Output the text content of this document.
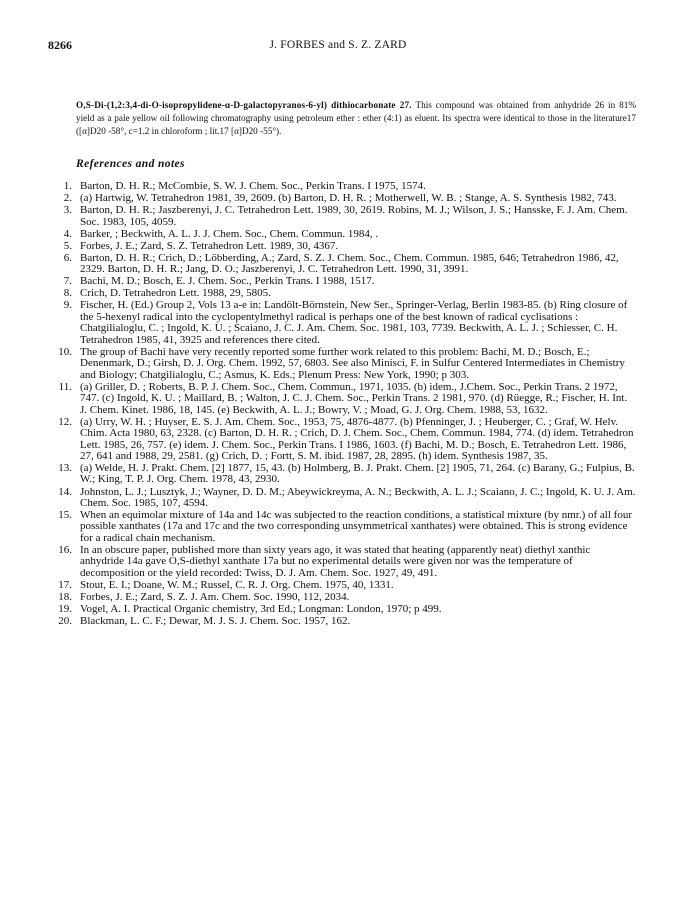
8266	J. FORBES and S. Z. ZARD
O,S-Di-(1,2:3,4-di-O-isopropylidene-α-D-galactopyranos-6-yl) dithiocarbonate 27. This compound was obtained from anhydride 26 in 81% yield as a pale yellow oil following chromatography using petroleum ether : ether (4:1) as eluent. Its spectra were identical to those in the literature17 ([α]D20 -58°, c=1.2 in chloroform ; lit.17 [α]D20 -55°).
References and notes
1. Barton, D. H. R.; McCombie, S. W. J. Chem. Soc., Perkin Trans. I 1975, 1574.
2. (a) Hartwig, W. Tetrahedron 1981, 39, 2609. (b) Barton, D. H. R. ; Motherwell, W. B. ; Stange, A. S. Synthesis 1982, 743.
3. Barton, D. H. R.; Jaszberenyi, J. C. Tetrahedron Lett. 1989, 30, 2619. Robins, M. J.; Wilson, J. S.; Hansske, F. J. Am. Chem. Soc. 1983, 105, 4059.
4. Barker, ; Beckwith, A. L. J. J. Chem. Soc., Chem. Commun. 1984, .
5. Forbes, J. E.; Zard, S. Z. Tetrahedron Lett. 1989, 30, 4367.
6. Barton, D. H. R.; Crich, D.; Löbberding, A.; Zard, S. Z. J. Chem. Soc., Chem. Commun. 1985, 646; Tetrahedron 1986, 42, 2329. Barton, D. H. R.; Jang, D. O.; Jaszberenyi, J. C. Tetrahedron Lett. 1990, 31, 3991.
7. Bachi, M. D.; Bosch, E. J. Chem. Soc., Perkin Trans. I 1988, 1517.
8. Crich, D. Tetrahedron Lett. 1988, 29, 5805.
9. Fischer, H. (Ed.) Group 2, Vols 13 a-e in: Landölt-Börnstein, New Ser., Springer-Verlag, Berlin 1983-85. (b) Ring closure of the 5-hexenyl radical into the cyclopentylmethyl radical is perhaps one of the best known of radical cyclisations : Chatgilialoglu, C. ; Ingold, K. U. ; Scaiano, J. C. J. Am. Chem. Soc. 1981, 103, 7739. Beckwith, A. L. J. ; Schiesser, C. H. Tetrahedron 1985, 41, 3925 and references there cited.
10. The group of Bachi have very recently reported some further work related to this problem: Bachi, M. D.; Bosch, E.; Denenmark, D.; Girsh, D. J. Org. Chem. 1992, 57, 6803. See also Minisci, F. in Sulfur Centered Intermediates in Chemistry and Biology; Chatgilialoglu, C.; Asmus, K. Eds.; Plenum Press: New York, 1990; p 303.
11. (a) Griller, D. ; Roberts, B. P. J. Chem. Soc., Chem. Commun., 1971, 1035. (b) idem., J.Chem. Soc., Perkin Trans. 2 1972, 747. (c) Ingold, K. U. ; Maillard, B. ; Walton, J. C. J. Chem. Soc., Perkin Trans. 2 1981, 970. (d) Rüegge, R.; Fischer, H. Int. J. Chem. Kinet. 1986, 18, 145. (e) Beckwith, A. L. J.; Bowry, V. ; Moad, G. J. Org. Chem. 1988, 53, 1632.
12. (a) Urry, W. H. ; Huyser, E. S. J. Am. Chem. Soc., 1953, 75, 4876-4877. (b) Pfenninger, J. ; Heuberger, C. ; Graf, W. Helv. Chim. Acta 1980, 63, 2328. (c) Barton, D. H. R. ; Crich, D. J. Chem. Soc., Chem. Commun. 1984, 774. (d) idem. Tetrahedron Lett. 1985, 26, 757. (e) idem. J. Chem. Soc., Perkin Trans. I 1986, 1603. (f) Bachi, M. D.; Bosch, E. Tetrahedron Lett. 1986, 27, 641 and 1988, 29, 2581. (g) Crich, D. ; Fortt, S. M. ibid. 1987, 28, 2895. (h) idem. Synthesis 1987, 35.
13. (a) Welde, H. J. Prakt. Chem. [2] 1877, 15, 43. (b) Holmberg, B. J. Prakt. Chem. [2] 1905, 71, 264. (c) Barany, G.; Fulpius, B. W.; King, T. P. J. Org. Chem. 1978, 43, 2930.
14. Johnston, L. J.; Lusztyk, J.; Wayner, D. D. M.; Abeywickreyma, A. N.; Beckwith, A. L. J.; Scaiano, J. C.; Ingold, K. U. J. Am. Chem. Soc. 1985, 107, 4594.
15. When an equimolar mixture of 14a and 14c was subjected to the reaction conditions, a statistical mixture (by nmr.) of all four possible xanthates (17a and 17c and the two corresponding unsymmetrical xanthates) were obtained. This is strong evidence for a radical chain mechanism.
16. In an obscure paper, published more than sixty years ago, it was stated that heating (apparently neat) diethyl xanthic anhydride 14a gave O,S-diethyl xanthate 17a but no experimental details were given nor was the temperature of decomposition or the yield recorded: Twiss, D. J. Am. Chem. Soc. 1927, 49, 491.
17. Stout, E. I.; Doane, W. M.; Russel, C. R. J. Org. Chem. 1975, 40, 1331.
18. Forbes, J. E.; Zard, S. Z. J. Am. Chem. Soc. 1990, 112, 2034.
19. Vogel, A. I. Practical Organic chemistry, 3rd Ed.; Longman: London, 1970; p 499.
20. Blackman, L. C. F.; Dewar, M. J. S. J. Chem. Soc. 1957, 162.
